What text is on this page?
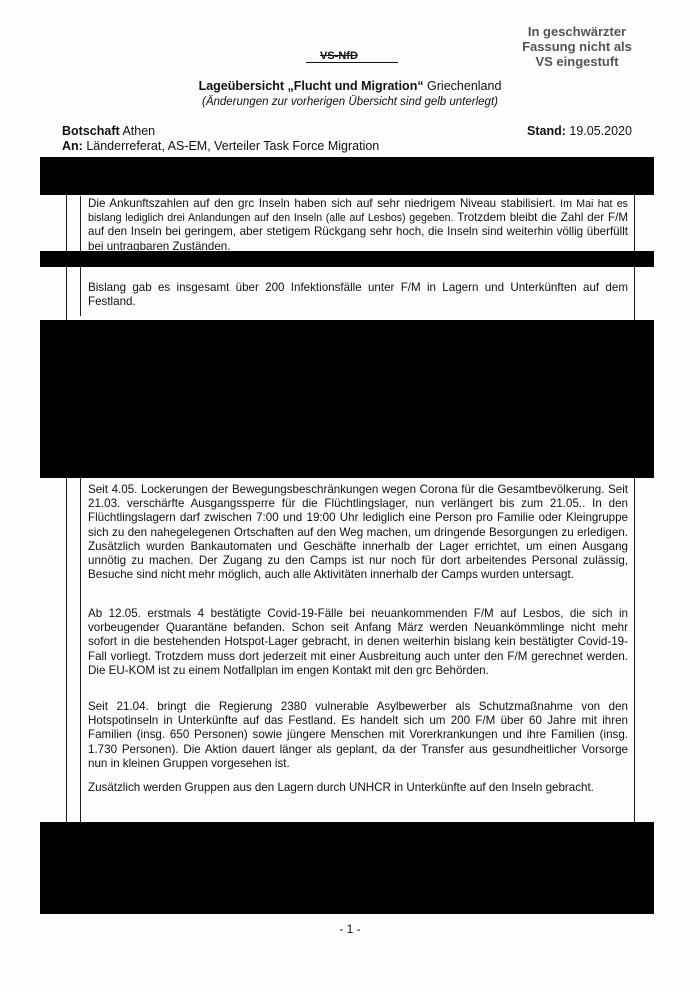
In geschwärzter
Fassung nicht als
VS eingestuft
VS-NfD
Lageübersicht „Flucht und Migration“ Griechenland
(Änderungen zur vorherigen Übersicht sind gelb unterlegt)
Botschaft Athen
An: Länderreferat, AS-EM, Verteiler Task Force Migration
Stand: 19.05.2020
Die Ankunftszahlen auf den grc Inseln haben sich auf sehr niedrigem Niveau stabilisiert. Im Mai hat es bislang lediglich drei Anlandungen auf den Inseln (alle auf Lesbos) gegeben. Trotzdem bleibt die Zahl der F/M auf den Inseln bei geringem, aber stetigem Rückgang sehr hoch, die Inseln sind weiterhin völlig überfüllt bei untragbaren Zuständen.
Bislang gab es insgesamt über 200 Infektionsfälle unter F/M in Lagern und Unterkünften auf dem Festland.
Seit 4.05. Lockerungen der Bewegungsbeschränkungen wegen Corona für die Gesamtbevölkerung. Seit 21.03. verschärfte Ausgangssperre für die Flüchtlingslager, nun verlängert bis zum 21.05.. In den Flüchtlingslagern darf zwischen 7:00 und 19:00 Uhr lediglich eine Person pro Familie oder Kleingruppe sich zu den nahegelegenen Ortschaften auf den Weg machen, um dringende Besorgungen zu erledigen. Zusätzlich wurden Bankautomaten und Geschäfte innerhalb der Lager errichtet, um einen Ausgang unnötig zu machen. Der Zugang zu den Camps ist nur noch für dort arbeitendes Personal zulässig, Besuche sind nicht mehr möglich, auch alle Aktivitäten innerhalb der Camps wurden untersagt.
Ab 12.05. erstmals 4 bestätigte Covid-19-Fälle bei neuankommenden F/M auf Lesbos, die sich in vorbeugender Quarantäne befanden. Schon seit Anfang März werden Neuankömmlinge nicht mehr sofort in die bestehenden Hotspot-Lager gebracht, in denen weiterhin bislang kein bestätigter Covid-19-Fall vorliegt. Trotzdem muss dort jederzeit mit einer Ausbreitung auch unter den F/M gerechnet werden. Die EU-KOM ist zu einem Notfallplan im engen Kontakt mit den grc Behörden.
Seit 21.04. bringt die Regierung 2380 vulnerable Asylbewerber als Schutzmaßnahme von den Hotspotinseln in Unterkünfte auf das Festland. Es handelt sich um 200 F/M über 60 Jahre mit ihren Familien (insg. 650 Personen) sowie jüngere Menschen mit Vorerkrankungen und ihre Familien (insg. 1.730 Personen). Die Aktion dauert länger als geplant, da der Transfer aus gesundheitlicher Vorsorge nun in kleinen Gruppen vorgesehen ist.
Zusätzlich werden Gruppen aus den Lagern durch UNHCR in Unterkünfte auf den Inseln gebracht.
- 1 -
